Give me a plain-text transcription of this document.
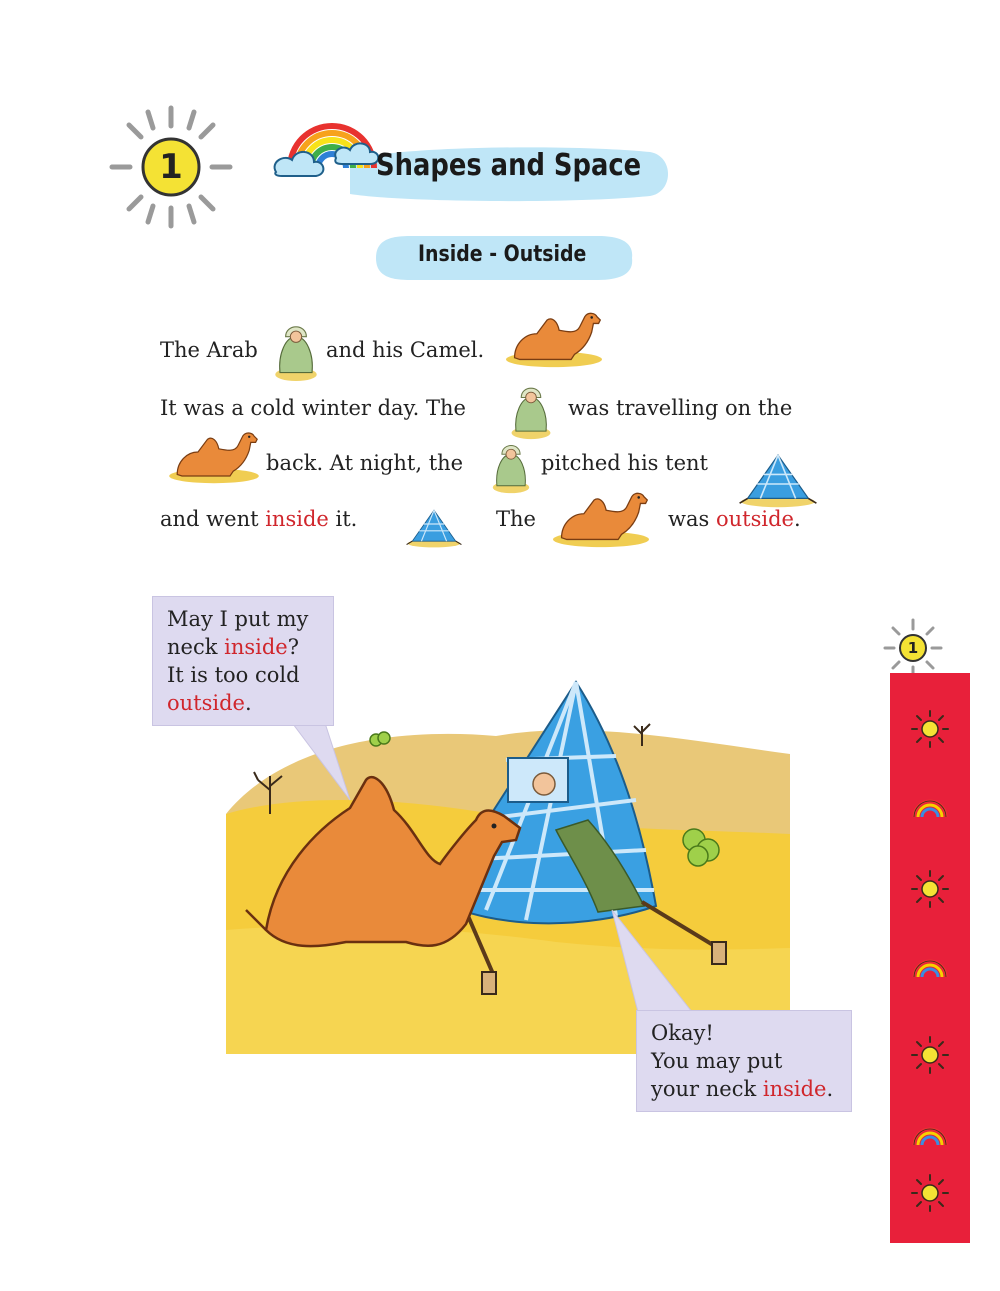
1	Shapes and Space
Inside - Outside
The Arab	and his Camel.
It was a cold winter day. The	was travelling on the
back. At night, the	pitched his tent
and went inside it.	The	was outside.
May I put my
neck inside?
It is too cold
outside.
Okay!
You may put
your neck inside.
1
